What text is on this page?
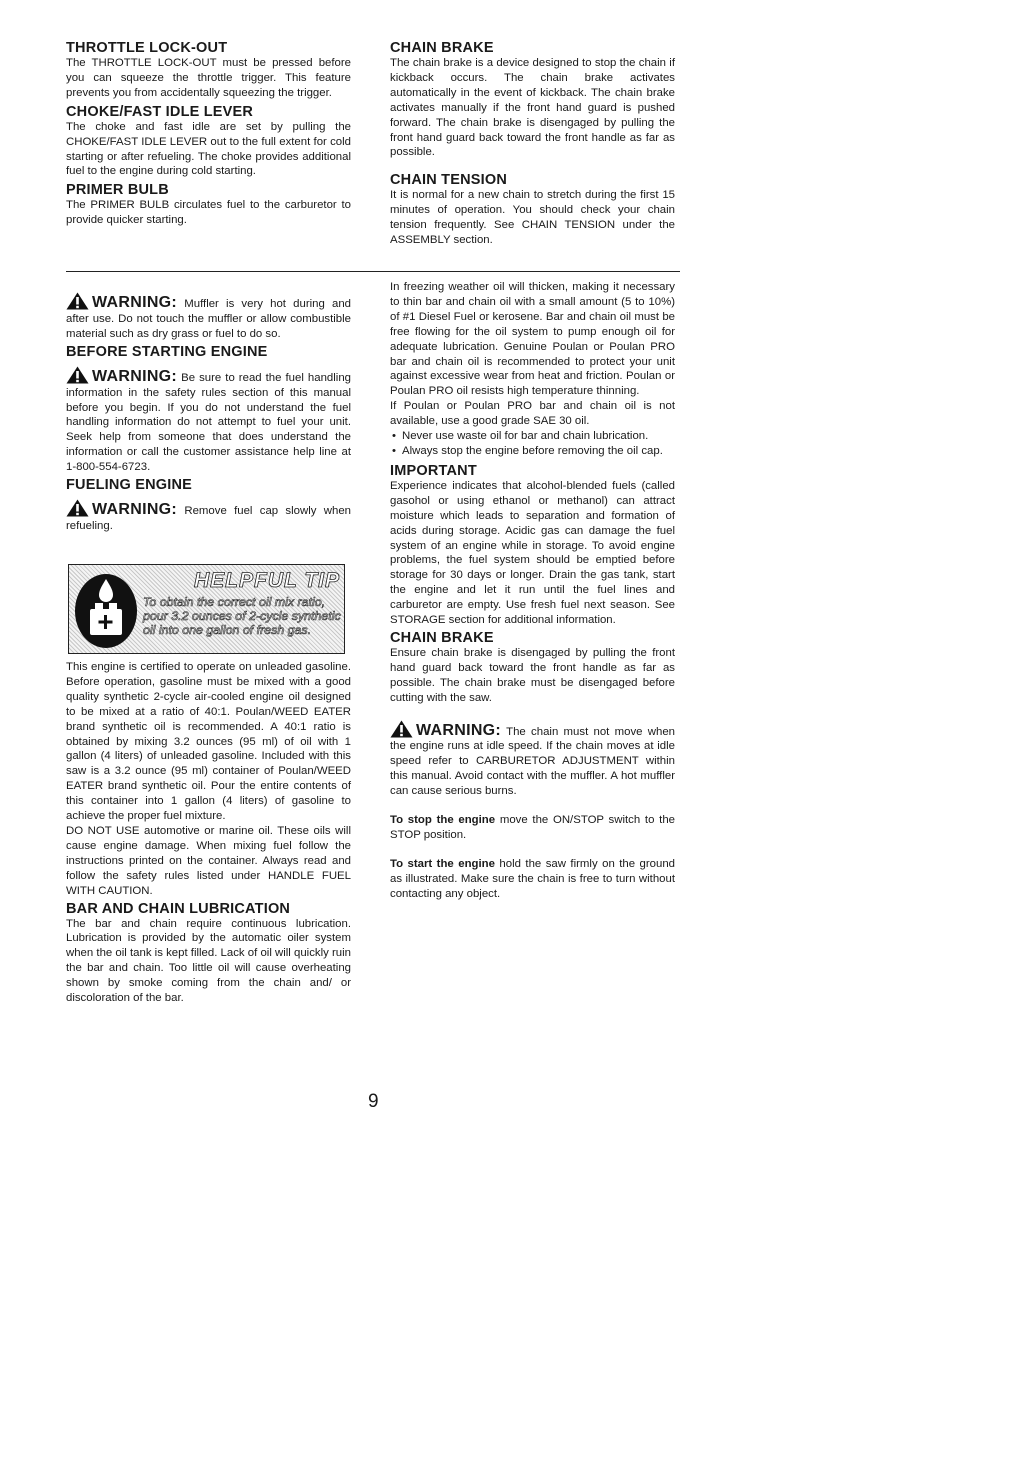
THROTTLE LOCK-OUT

The THROTTLE LOCK-OUT must be pressed before you can squeeze the throttle trigger. This feature prevents you from accidentally squeezing the trigger.

CHOKE/FAST IDLE LEVER

The choke and fast idle are set by pulling the CHOKE/FAST IDLE LEVER out to the full extent for cold starting or after refueling. The choke provides additional fuel to the engine during cold starting.

PRIMER BULB

The PRIMER BULB circulates fuel to the carburetor to provide quicker starting.

CHAIN BRAKE

The chain brake is a device designed to stop the chain if kickback occurs. The chain brake activates automatically in the event of kickback. The chain brake activates manually if the front hand guard is pushed forward. The chain brake is disengaged by pulling the front hand guard back toward the front handle as far as possible.

CHAIN TENSION

It is normal for a new chain to stretch during the first 15 minutes of operation. You should check your chain tension frequently. See CHAIN TENSION under the ASSEMBLY section.

WARNING: Muffler is very hot during and after use. Do not touch the muffler or allow combustible material such as dry grass or fuel to do so.

BEFORE STARTING ENGINE

WARNING: Be sure to read the fuel handling information in the safety rules section of this manual before you begin. If you do not understand the fuel handling information do not attempt to fuel your unit. Seek help from someone that does understand the information or call the customer assistance help line at 1-800-554-6723.

FUELING ENGINE

WARNING: Remove fuel cap slowly when refueling.

HELPFUL TIP
To obtain the correct oil mix ratio, pour 3.2 ounces of 2-cycle synthetic oil into one gallon of fresh gas.

This engine is certified to operate on unleaded gasoline. Before operation, gasoline must be mixed with a good quality synthetic 2-cycle air-cooled engine oil designed to be mixed at a ratio of 40:1. Poulan/WEED EATER brand synthetic oil is recommended. A 40:1 ratio is obtained by mixing 3.2 ounces (95 ml) of oil with 1 gallon (4 liters) of unleaded gasoline. Included with this saw is a 3.2 ounce (95 ml) container of Poulan/WEED EATER brand synthetic oil. Pour the entire contents of this container into 1 gallon (4 liters) of gasoline to achieve the proper fuel mixture.

DO NOT USE automotive or marine oil. These oils will cause engine damage. When mixing fuel follow the instructions printed on the container. Always read and follow the safety rules listed under HANDLE FUEL WITH CAUTION.

BAR AND CHAIN LUBRICATION

The bar and chain require continuous lubrication. Lubrication is provided by the automatic oiler system when the oil tank is kept filled. Lack of oil will quickly ruin the bar and chain. Too little oil will cause overheating shown by smoke coming from the chain and/ or discoloration of the bar.

In freezing weather oil will thicken, making it necessary to thin bar and chain oil with a small amount (5 to 10%) of #1 Diesel Fuel or kerosene. Bar and chain oil must be free flowing for the oil system to pump enough oil for adequate lubrication. Genuine Poulan or Poulan PRO bar and chain oil is recommended to protect your unit against excessive wear from heat and friction. Poulan or Poulan PRO oil resists high temperature thinning.

If Poulan or Poulan PRO bar and chain oil is not available, use a good grade SAE 30 oil.

• Never use waste oil for bar and chain lubrication.
• Always stop the engine before removing the oil cap.
IMPORTANT

Experience indicates that alcohol-blended fuels (called gasohol or using ethanol or methanol) can attract moisture which leads to separation and formation of acids during storage. Acidic gas can damage the fuel system of an engine while in storage. To avoid engine problems, the fuel system should be emptied before storage for 30 days or longer. Drain the gas tank, start the engine and let it run until the fuel lines and carburetor are empty. Use fresh fuel next season. See STORAGE section for additional information.

CHAIN BRAKE

Ensure chain brake is disengaged by pulling the front hand guard back toward the front handle as far as possible. The chain brake must be disengaged before cutting with the saw.

WARNING: The chain must not move when the engine runs at idle speed. If the chain moves at idle speed refer to CARBURETOR ADJUSTMENT within this manual. Avoid contact with the muffler. A hot muffler can cause serious burns.

To stop the engine move the ON/STOP switch to the STOP position.

To start the engine hold the saw firmly on the ground as illustrated. Make sure the chain is free to turn without contacting any object.

9
